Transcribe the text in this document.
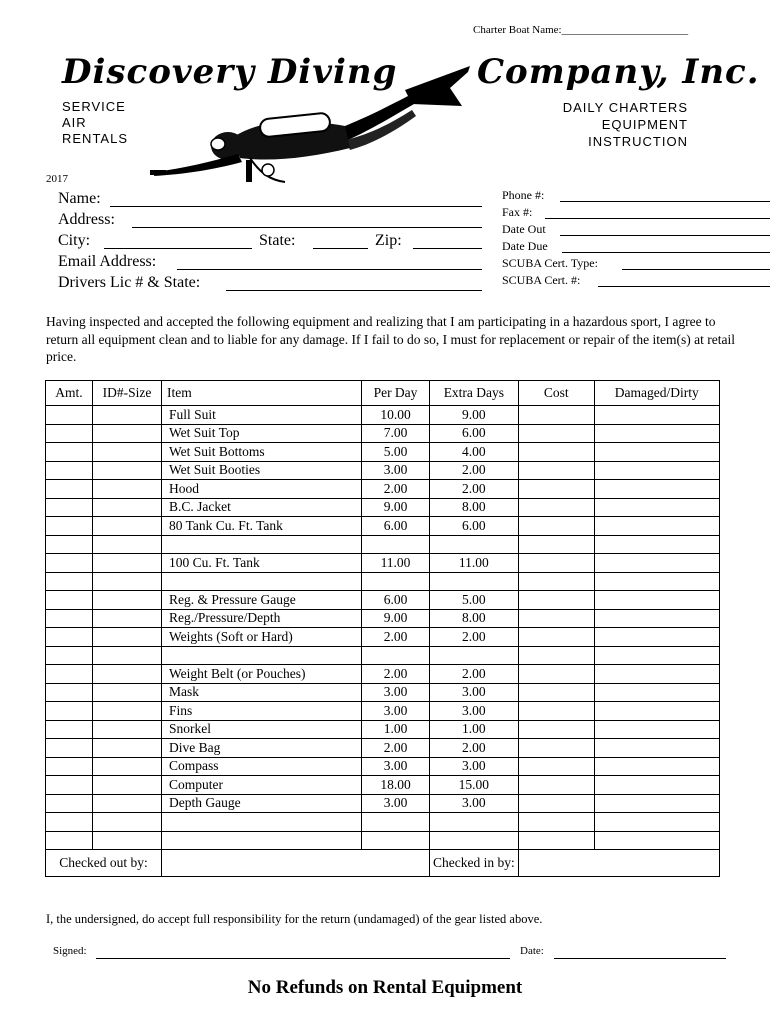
Charter Boat Name:_______________________
Discovery Diving Company, Inc.
SERVICE
AIR
RENTALS
DAILY CHARTERS
EQUIPMENT
INSTRUCTION
2017
Name:
Address:
City:	State:	Zip:
Email Address:
Drivers Lic # & State:
Phone #:
Fax #:
Date Out
Date Due
SCUBA Cert. Type:
SCUBA Cert. #:
Having inspected and accepted the following equipment and realizing that I am participating in a hazardous sport, I agree to return all equipment clean and to liable for any damage. If I fail to do so, I must for replacement or repair of the item(s) at retail price.
Amt.	ID#-Size	Item	Per Day	Extra Days	Cost	Damaged/Dirty
		Full Suit	10.00	9.00		
		Wet Suit Top	7.00	6.00		
		Wet Suit Bottoms	5.00	4.00		
		Wet Suit Booties	3.00	2.00		
		Hood	2.00	2.00		
		B.C. Jacket	9.00	8.00		
		80 Tank Cu. Ft. Tank	6.00	6.00		

		100 Cu. Ft. Tank	11.00	11.00		

		Reg. & Pressure Gauge	6.00	5.00		
		Reg./Pressure/Depth	9.00	8.00		
		Weights (Soft or Hard)	2.00	2.00		

		Weight Belt (or Pouches)	2.00	2.00		
		Mask	3.00	3.00		
		Fins	3.00	3.00		
		Snorkel	1.00	1.00		
		Dive Bag	2.00	2.00		
		Compass	3.00	3.00		
		Computer	18.00	15.00		
		Depth Gauge	3.00	3.00		

Checked out by:				Checked in by:		
I, the undersigned, do accept full responsibility for the return (undamaged) of the gear listed above.
Signed:	Date:
No Refunds on Rental Equipment
